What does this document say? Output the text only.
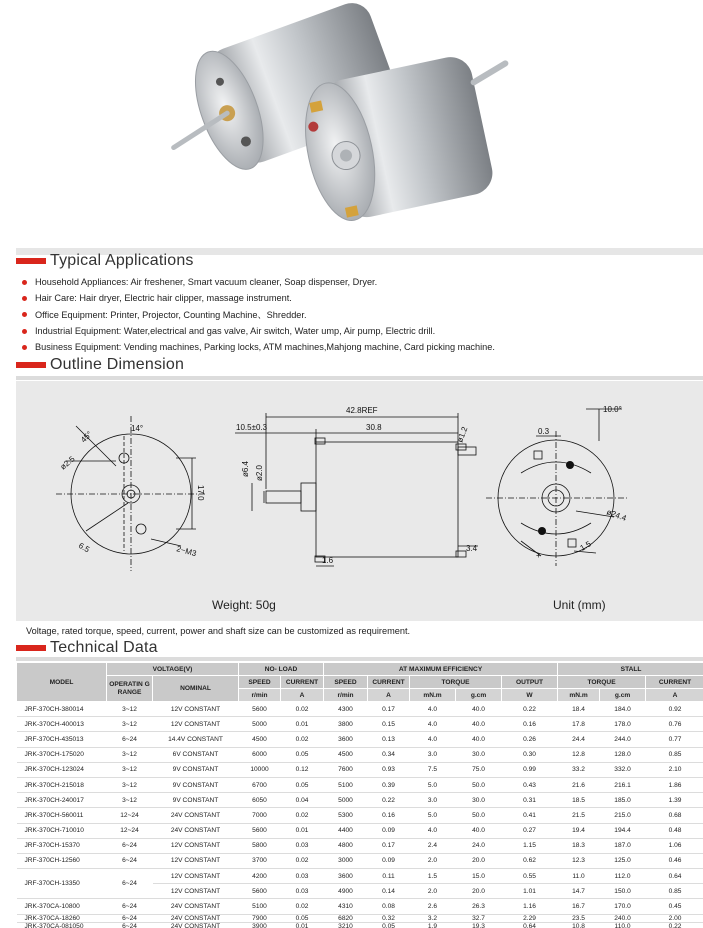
Typical Applications
Household Appliances: Air freshener, Smart vacuum cleaner, Soap dispenser, Dryer.
Hair Care: Hair dryer, Electric hair clipper, massage instrument.
Office Equipment: Printer, Projector, Counting Machine、Shredder.
Industrial Equipment: Water,electrical and gas valve, Air switch, Water ump, Air pump, Electric drill.
Business Equipment: Vending machines, Parking locks, ATM machines,Mahjong machine, Card picking machine.
Outline Dimension
45°
14°
ø2.5
17.0
6.5	2−M3
42.8REF
10.5±0.3	30.8	ø1.2
ø6.4 ø2.0
1.6
3.4
10.0°
0.3
ø24.4
1.5
+
Weight: 50g	Unit (mm)
Voltage, rated torque, speed, current, power and shaft size can be customized as requirement.
Technical Data
MODEL	VOLTAGE(V)		NO- LOAD		AT MAXIMUM EFFICIENCY					STALL		
	OPERATIN G RANGE	NOMINAL	SPEED	CURRENT	SPEED	CURRENT	TORQUE		OUTPUT	TORQUE		CURRENT
			r/min	A	r/min	A	mN.m	g.cm	W	mN.m	g.cm	A
JRF-370CH-380014	3~12	12V CONSTANT	5600	0.02	4300	0.17	4.0	40.0	0.22	18.4	184.0	0.92
JRK-370CH-400013	3~12	12V CONSTANT	5000	0.01	3800	0.15	4.0	40.0	0.16	17.8	178.0	0.76
JRF-370CH-435013	6~24	14.4V CONSTANT	4500	0.02	3600	0.13	4.0	40.0	0.26	24.4	244.0	0.77
JRK-370CH-175020	3~12	6V CONSTANT	6000	0.05	4500	0.34	3.0	30.0	0.30	12.8	128.0	0.85
JRK-370CH-123024	3~12	9V CONSTANT	10000	0.12	7600	0.93	7.5	75.0	0.99	33.2	332.0	2.10
JRK-370CH-215018	3~12	9V CONSTANT	6700	0.05	5100	0.39	5.0	50.0	0.43	21.6	216.1	1.86
JRK-370CH-240017	3~12	9V CONSTANT	6050	0.04	5000	0.22	3.0	30.0	0.31	18.5	185.0	1.39
JRK-370CH-560011	12~24	24V CONSTANT	7000	0.02	5300	0.16	5.0	50.0	0.41	21.5	215.0	0.68
JRK-370CH-710010	12~24	24V CONSTANT	5600	0.01	4400	0.09	4.0	40.0	0.27	19.4	194.4	0.48
JRF-370CH-15370	6~24	12V CONSTANT	5800	0.03	4800	0.17	2.4	24.0	1.15	18.3	187.0	1.06
JRF-370CH-12560	6~24	12V CONSTANT	3700	0.02	3000	0.09	2.0	20.0	0.62	12.3	125.0	0.46
JRF-370CH-13350	6~24	12V CONSTANT	4200	0.03	3600	0.11	1.5	15.0	0.55	11.0	112.0	0.64
		12V CONSTANT	5600	0.03	4900	0.14	2.0	20.0	1.01	14.7	150.0	0.85
JRK-370CA-10800	6~24	24V CONSTANT	5100	0.02	4310	0.08	2.6	26.3	1.16	16.7	170.0	0.45
JRK-370CA-18260	6~24	24V CONSTANT	7900	0.05	6820	0.32	3.2	32.7	2.29	23.5	240.0	2.00
JRK-370CA-081050	6~24	24V CONSTANT	3900	0.01	3210	0.05	1.9	19.3	0.64	10.8	110.0	0.22
